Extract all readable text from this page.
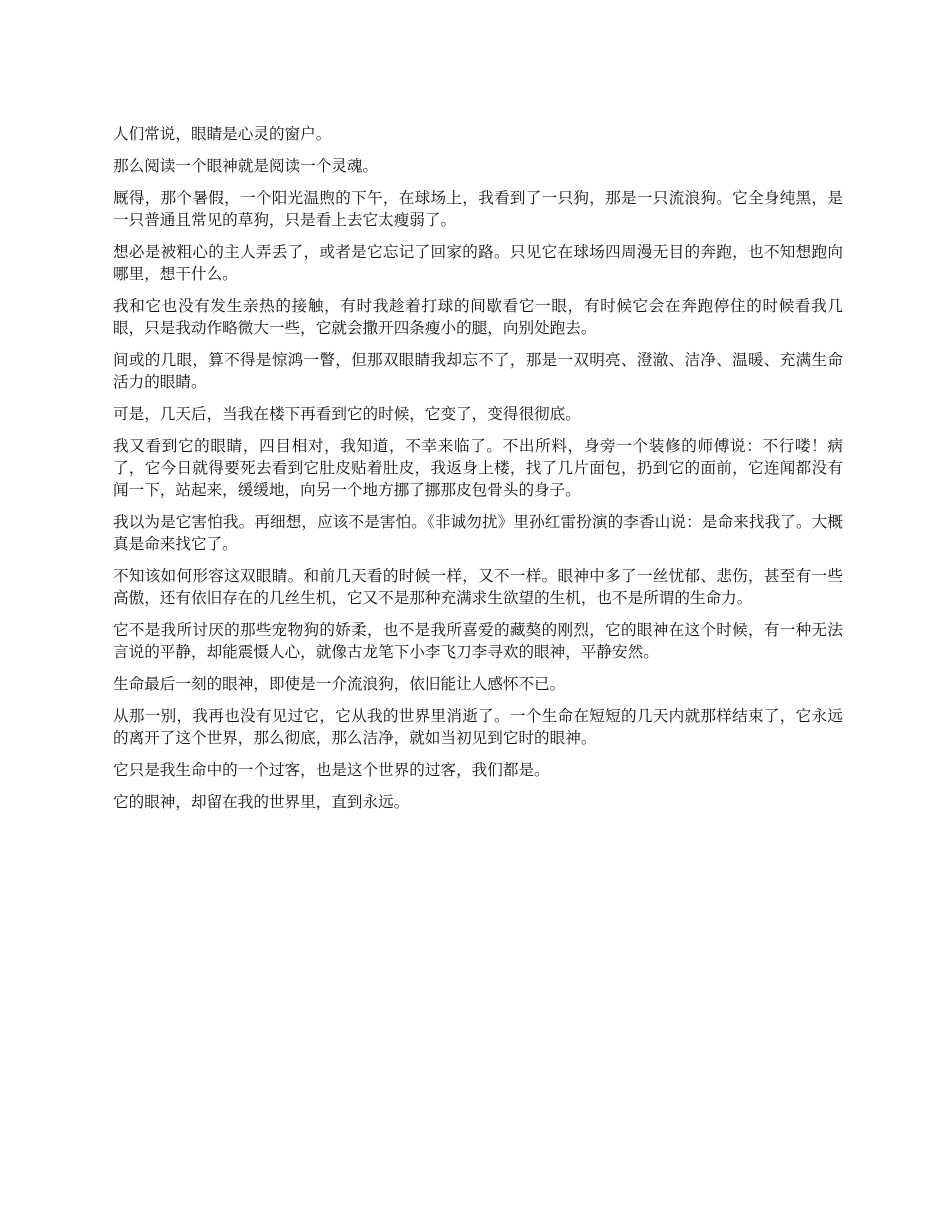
人们常说，眼睛是心灵的窗户。

那么阅读一个眼神就是阅读一个灵魂。

厩得，那个暑假，一个阳光温煦的下午，在球场上，我看到了一只狗，那是一只流浪狗。它全身纯黑，是一只普通且常见的草狗，只是看上去它太瘦弱了。

想必是被粗心的主人弄丢了，或者是它忘记了回家的路。只见它在球场四周漫无目的奔跑，也不知想跑向哪里，想干什么。

我和它也没有发生亲热的接触，有时我趁着打球的间歇看它一眼，有时候它会在奔跑停住的时候看我几眼，只是我动作略微大一些，它就会撒开四条瘦小的腿，向别处跑去。

间或的几眼，算不得是惊鸿一瞥，但那双眼睛我却忘不了，那是一双明亮、澄澈、洁净、温暖、充满生命活力的眼睛。

可是，几天后，当我在楼下再看到它的时候，它变了，变得很彻底。

我又看到它的眼睛，四目相对，我知道，不幸来临了。不出所料，身旁一个装修的师傅说：不行喽！病了，它今日就得要死去看到它肚皮贴着肚皮，我返身上楼，找了几片面包，扔到它的面前，它连闻都没有闻一下，站起来，缓缓地，向另一个地方挪了挪那皮包骨头的身子。

我以为是它害怕我。再细想，应该不是害怕。《非诚勿扰》里孙红雷扮演的李香山说：是命来找我了。大概真是命来找它了。

不知该如何形容这双眼睛。和前几天看的时候一样，又不一样。眼神中多了一丝忧郁、悲伤，甚至有一些高傲，还有依旧存在的几丝生机，它又不是那种充满求生欲望的生机，也不是所谓的生命力。

它不是我所讨厌的那些宠物狗的娇柔，也不是我所喜爱的藏獒的刚烈，它的眼神在这个时候，有一种无法言说的平静，却能震慑人心，就像古龙笔下小李飞刀李寻欢的眼神，平静安然。

生命最后一刻的眼神，即使是一介流浪狗，依旧能让人感怀不已。

从那一别，我再也没有见过它，它从我的世界里消逝了。一个生命在短短的几天内就那样结束了，它永远的离开了这个世界，那么彻底，那么洁净，就如当初见到它时的眼神。

它只是我生命中的一个过客，也是这个世界的过客，我们都是。

它的眼神，却留在我的世界里，直到永远。
